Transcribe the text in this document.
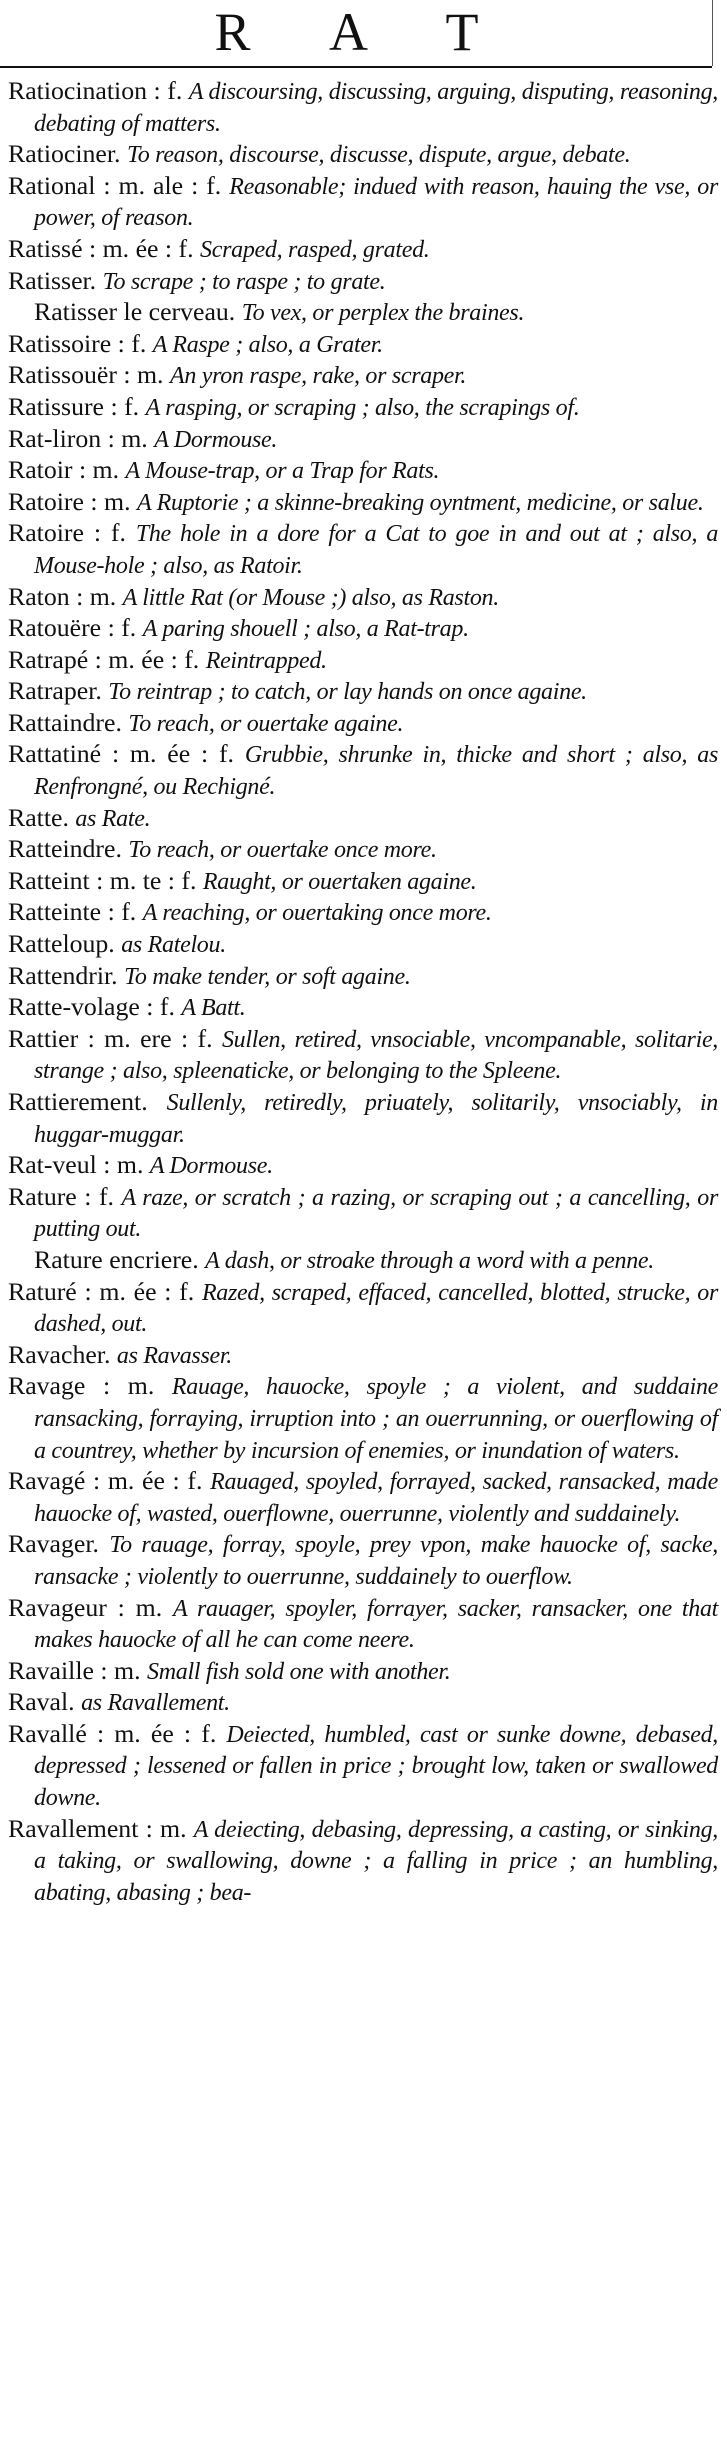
R A T

Ratiocination : f. A discoursing, discussing, arguing, disputing, reasoning, debating of matters.

Ratiociner. To reason, discourse, discusse, dispute, argue, debate.

Rational : m. ale : f. Reasonable; indued with reason, hauing the vse, or power, of reason.

Ratissé : m. ée : f. Scraped, rasped, grated.

Ratisser. To scrape ; to raspe ; to grate.

Ratisser le cerveau. To vex, or perplex the braines.

Ratissoire : f. A Raspe ; also, a Grater.

Ratissouër : m. An yron raspe, rake, or scraper.

Ratissure : f. A rasping, or scraping ; also, the scrapings of.

Rat-liron : m. A Dormouse.

Ratoir : m. A Mouse-trap, or a Trap for Rats.

Ratoire : m. A Ruptorie ; a skinne-breaking oyntment, medicine, or salue.

Ratoire : f. The hole in a dore for a Cat to goe in and out at ; also, a Mouse-hole ; also, as Ratoir.

Raton : m. A little Rat (or Mouse ;) also, as Raston.

Ratouëre : f. A paring shouell ; also, a Rat-trap.

Ratrapé : m. ée : f. Reintrapped.

Ratraper. To reintrap ; to catch, or lay hands on once againe.

Rattaindre. To reach, or ouertake againe.

Rattatiné : m. ée : f. Grubbie, shrunke in, thicke and short ; also, as Renfrongné, ou Rechigné.

Ratte. as Rate.

Ratteindre. To reach, or ouertake once more.

Ratteint : m. te : f. Raught, or ouertaken againe.

Ratteinte : f. A reaching, or ouertaking once more.

Ratteloup. as Ratelou.

Rattendrir. To make tender, or soft againe.

Ratte-volage : f. A Batt.

Rattier : m. ere : f. Sullen, retired, vnsociable, vncompanable, solitarie, strange ; also, spleenaticke, or belonging to the Spleene.

Rattierement. Sullenly, retiredly, priuately, solitarily, vnsociably, in huggar-muggar.

Rat-veul : m. A Dormouse.

Rature : f. A raze, or scratch ; a razing, or scraping out ; a cancelling, or putting out.

Rature encriere. A dash, or stroake through a word with a penne.

Raturé : m. ée : f. Razed, scraped, effaced, cancelled, blotted, strucke, or dashed, out.

Ravacher. as Ravasser.

Ravage : m. Rauage, hauocke, spoyle ; a violent, and suddaine ransacking, forraying, irruption into ; an ouerrunning, or ouerflowing of a countrey, whether by incursion of enemies, or inundation of waters.

Ravagé : m. ée : f. Rauaged, spoyled, forrayed, sacked, ransacked, made hauocke of, wasted, ouerflowne, ouerrunne, violently and suddainely.

Ravager. To rauage, forray, spoyle, prey vpon, make hauocke of, sacke, ransacke ; violently to ouerrunne, suddainely to ouerflow.

Ravageur : m. A rauager, spoyler, forrayer, sacker, ransacker, one that makes hauocke of all he can come neere.

Ravaille : m. Small fish sold one with another.

Raval. as Ravallement.

Ravallé : m. ée : f. Deiected, humbled, cast or sunke downe, debased, depressed ; lessened or fallen in price ; brought low, taken or swallowed downe.

Ravallement : m. A deiecting, debasing, depressing, a casting, or sinking, a taking, or swallowing, downe ; a falling in price ; an humbling, abating, abasing ; bea-
